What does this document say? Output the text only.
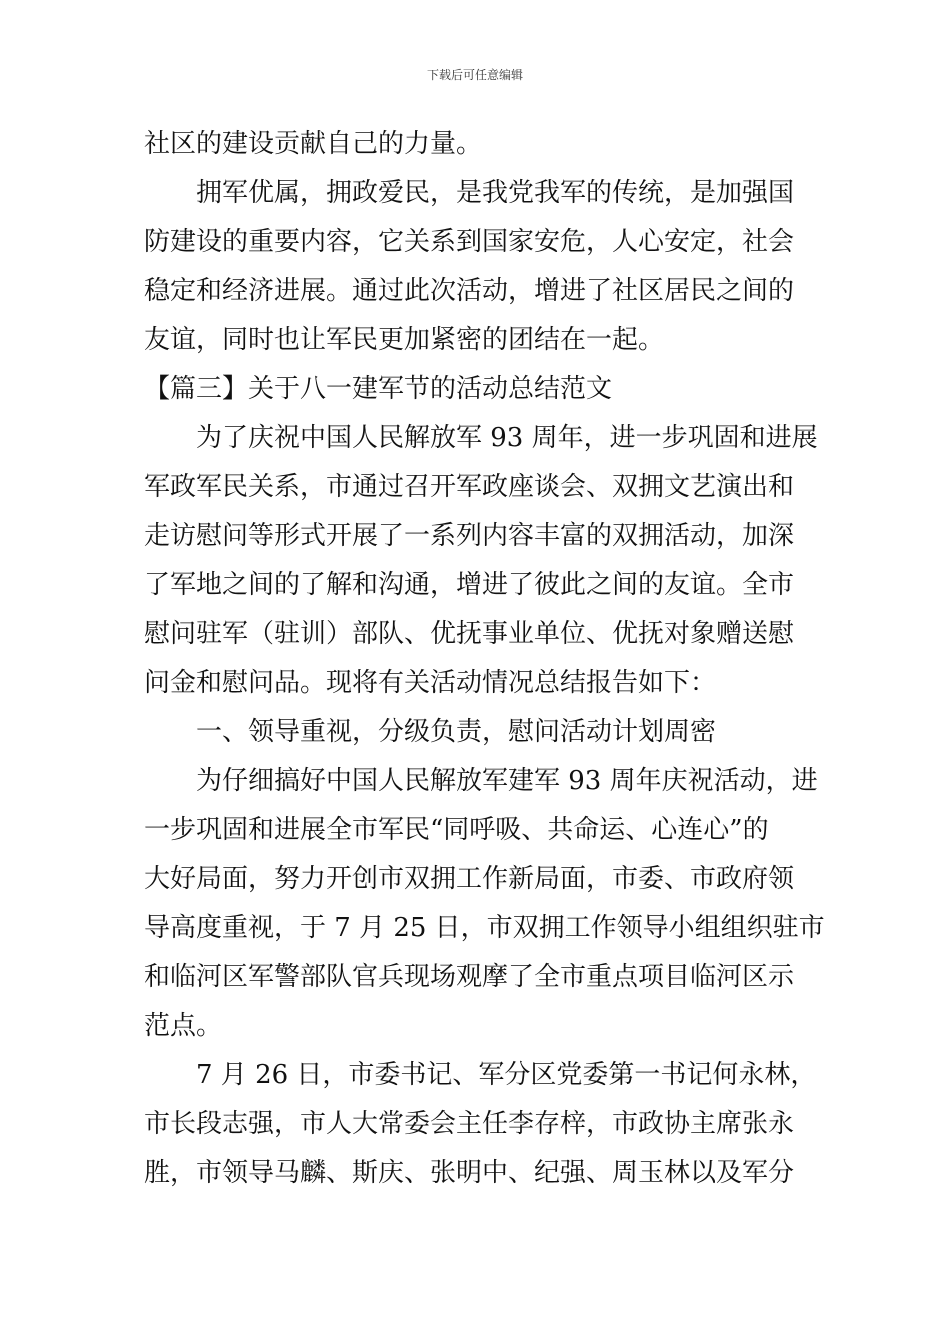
下载后可任意编辑
社区的建设贡献自己的力量。
拥军优属，拥政爱民，是我党我军的传统，是加强国
防建设的重要内容，它关系到国家安危，人心安定，社会
稳定和经济进展。通过此次活动，增进了社区居民之间的
友谊，同时也让军民更加紧密的团结在一起。
【篇三】关于八一建军节的活动总结范文
为了庆祝中国人民解放军 93 周年，进一步巩固和进展
军政军民关系，市通过召开军政座谈会、双拥文艺演出和
走访慰问等形式开展了一系列内容丰富的双拥活动，加深
了军地之间的了解和沟通，增进了彼此之间的友谊。全市
慰问驻军（驻训）部队、优抚事业单位、优抚对象赠送慰
问金和慰问品。现将有关活动情况总结报告如下：
一、领导重视，分级负责，慰问活动计划周密
为仔细搞好中国人民解放军建军 93 周年庆祝活动，进
一步巩固和进展全市军民“同呼吸、共命运、心连心”的
大好局面，努力开创市双拥工作新局面，市委、市政府领
导高度重视，于 7 月 25 日，市双拥工作领导小组组织驻市
和临河区军警部队官兵现场观摩了全市重点项目临河区示
范点。
7 月 26 日，市委书记、军分区党委第一书记何永林，
市长段志强，市人大常委会主任李存梓，市政协主席张永
胜，市领导马麟、斯庆、张明中、纪强、周玉林以及军分
